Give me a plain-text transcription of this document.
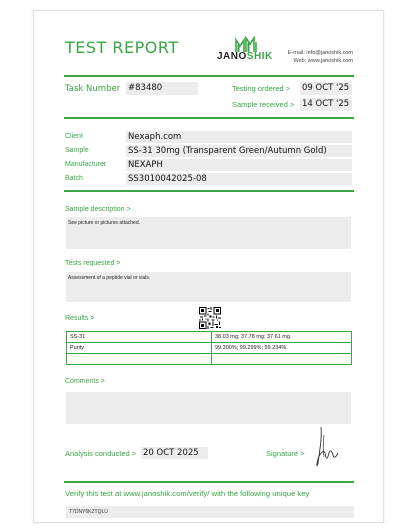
TEST REPORT	JANOSHIK	E-mail: info@janoshik.com
Web: www.janoshik.com
Task Number #83480	Testing ordered > 09 OCT '25
Sample received > 14 OCT '25
Client	Nexaph.com
Sample	SS-31 30mg (Transparent Green/Autumn Gold)
Manufacturer	NEXAPH
Batch	SS3010042025-08
Sample description >
See picture or pictures attached.
Tests requested >
Assessment of a peptide vial or vials.
Results >
SS-31	38.03 mg; 37.78 mg; 37.61 mg.
Purity	99.300%; 99.299%; 99.234%.

Comments >
Analysis conducted > 20 OCT 2025	Signature >
Verify this test at www.janoshik.com/verify/ with the following unique key
T7DNY6KZTQLU
